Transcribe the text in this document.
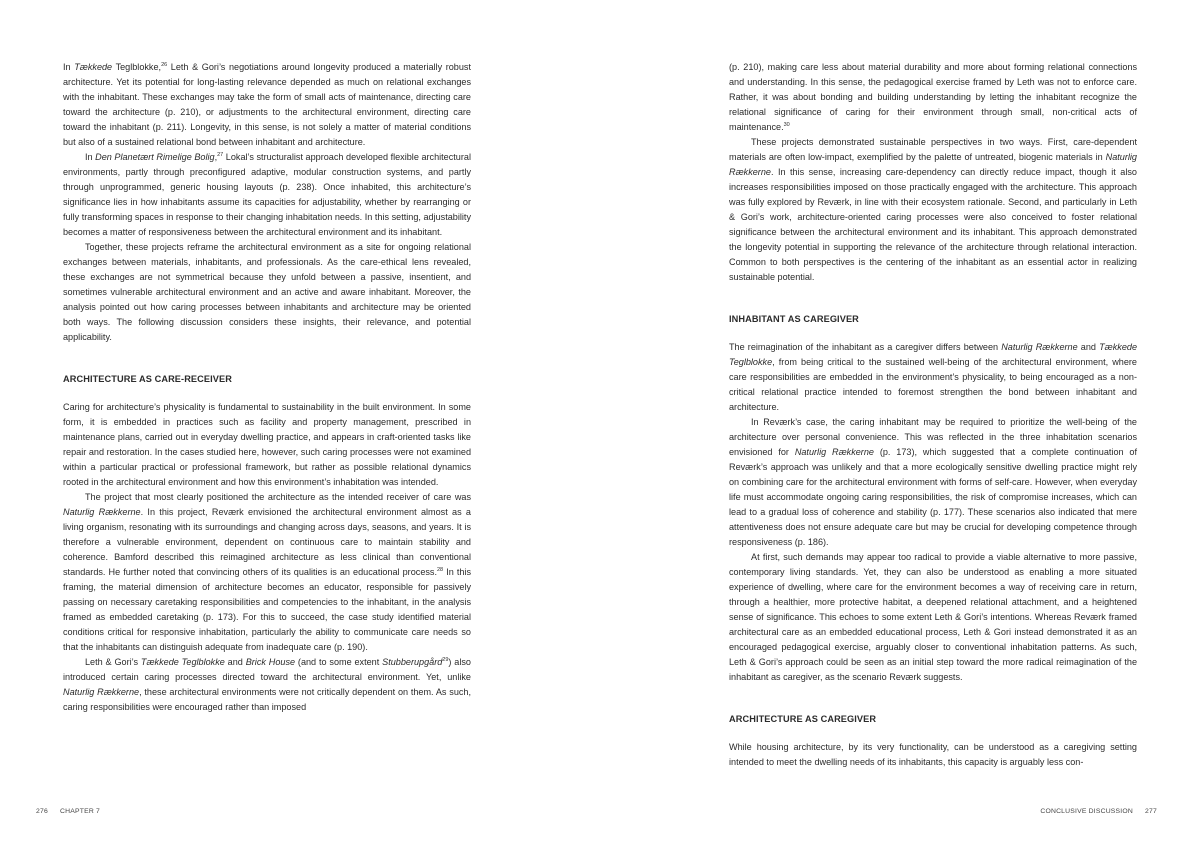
In Tækkede Teglblokke,$^{26}$ Leth & Gori’s negotiations around longevity produced a materially robust architecture. Yet its potential for long-lasting relevance depended as much on relational exchanges with the inhabitant. These exchanges may take the form of small acts of maintenance, directing care toward the architecture (p. 210), or adjustments to the architectural environment, directing care toward the inhabitant (p. 211). Longevity, in this sense, is not solely a matter of material conditions but also of a sustained relational bond between inhabitant and architecture.

In Den Planetært Rimelige Bolig,$^{27}$ Lokal’s structuralist approach developed flexible architectural environments, partly through preconfigured adaptive, modular construction systems, and partly through unprogrammed, generic housing layouts (p. 238). Once inhabited, this architecture’s significance lies in how inhabitants assume its capacities for adjustability, whether by rearranging or fully transforming spaces in response to their changing inhabitation needs. In this setting, adjustability becomes a matter of responsiveness between the architectural environment and its inhabitant.

Together, these projects reframe the architectural environment as a site for ongoing relational exchanges between materials, inhabitants, and professionals. As the care-ethical lens revealed, these exchanges are not symmetrical because they unfold between a passive, insentient, and sometimes vulnerable architectural environment and an active and aware inhabitant. Moreover, the analysis pointed out how caring processes between inhabitants and architecture may be oriented both ways. The following discussion considers these insights, their relevance, and potential applicability.

ARCHITECTURE AS CARE-RECEIVER

Caring for architecture’s physicality is fundamental to sustainability in the built environment. In some form, it is embedded in practices such as facility and property management, prescribed in maintenance plans, carried out in everyday dwelling practice, and appears in craft-oriented tasks like repair and restoration. In the cases studied here, however, such caring processes were not examined within a particular practical or professional framework, but rather as possible relational dynamics rooted in the architectural environment and how this environment’s inhabitation was intended.

The project that most clearly positioned the architecture as the intended receiver of care was Naturlig Rækkerne. In this project, Reværk envisioned the architectural environment almost as a living organism, resonating with its surroundings and changing across days, seasons, and years. It is therefore a vulnerable environment, dependent on continuous care to maintain stability and coherence. Bamford described this reimagined architecture as less clinical than conventional standards. He further noted that convincing others of its qualities is an educational process.$^{28}$ In this framing, the material dimension of architecture becomes an educator, responsible for passively passing on necessary caretaking responsibilities and competencies to the inhabitant, in the analysis framed as embedded caretaking (p. 173). For this to succeed, the case study identified material conditions critical for responsive inhabitation, particularly the ability to communicate care needs so that the inhabitants can distinguish adequate from inadequate care (p. 190).

Leth & Gori’s Tækkede Teglblokke and Brick House (and to some extent Stubberupgård$^{29}$) also introduced certain caring processes directed toward the architectural environment. Yet, unlike Naturlig Rækkerne, these architectural environments were not critically dependent on them. As such, caring responsibilities were encouraged rather than imposed

(p. 210), making care less about material durability and more about forming relational connections and understanding. In this sense, the pedagogical exercise framed by Leth was not to enforce care. Rather, it was about bonding and building understanding by letting the inhabitant recognize the relational significance of caring for their environment through small, non-critical acts of maintenance.$^{30}$

These projects demonstrated sustainable perspectives in two ways. First, care-dependent materials are often low-impact, exemplified by the palette of untreated, biogenic materials in Naturlig Rækkerne. In this sense, increasing care-dependency can directly reduce impact, though it also increases responsibilities imposed on those practically engaged with the architecture. This approach was fully explored by Reværk, in line with their ecosystem rationale. Second, and particularly in Leth & Gori’s work, architecture-oriented caring processes were also conceived to foster relational significance between the architectural environment and its inhabitant. This approach demonstrated the longevity potential in supporting the relevance of the architecture through relational interaction. Common to both perspectives is the centering of the inhabitant as an essential actor in realizing sustainable potential.

INHABITANT AS CAREGIVER

The reimagination of the inhabitant as a caregiver differs between Naturlig Rækkerne and Tækkede Teglblokke, from being critical to the sustained well-being of the architectural environment, where care responsibilities are embedded in the environment’s physicality, to being encouraged as a non-critical relational practice intended to foremost strengthen the bond between inhabitant and architecture.

In Reværk’s case, the caring inhabitant may be required to prioritize the well-being of the architecture over personal convenience. This was reflected in the three inhabitation scenarios envisioned for Naturlig Rækkerne (p. 173), which suggested that a complete continuation of Reværk’s approach was unlikely and that a more ecologically sensitive dwelling practice might rely on combining care for the architectural environment with forms of self-care. However, when everyday life must accommodate ongoing caring responsibilities, the risk of compromise increases, which can lead to a gradual loss of coherence and stability (p. 177). These scenarios also indicated that mere attentiveness does not ensure adequate care but may be crucial for developing competence through responsiveness (p. 186).

At first, such demands may appear too radical to provide a viable alternative to more passive, contemporary living standards. Yet, they can also be understood as enabling a more situated experience of dwelling, where care for the environment becomes a way of receiving care in return, through a healthier, more protective habitat, a deepened relational attachment, and a heightened sense of significance. This echoes to some extent Leth & Gori’s intentions. Whereas Reværk framed architectural care as an embedded educational process, Leth & Gori instead demonstrated it as an encouraged pedagogical exercise, arguably closer to conventional inhabitation patterns. As such, Leth & Gori’s approach could be seen as an initial step toward the more radical reimagination of the inhabitant as caregiver, as the scenario Reværk suggests.

ARCHITECTURE AS CAREGIVER

While housing architecture, by its very functionality, can be understood as a caregiving setting intended to meet the dwelling needs of its inhabitants, this capacity is arguably less con-

276 CHAPTER 7	CONCLUSIVE DISCUSSION 277
